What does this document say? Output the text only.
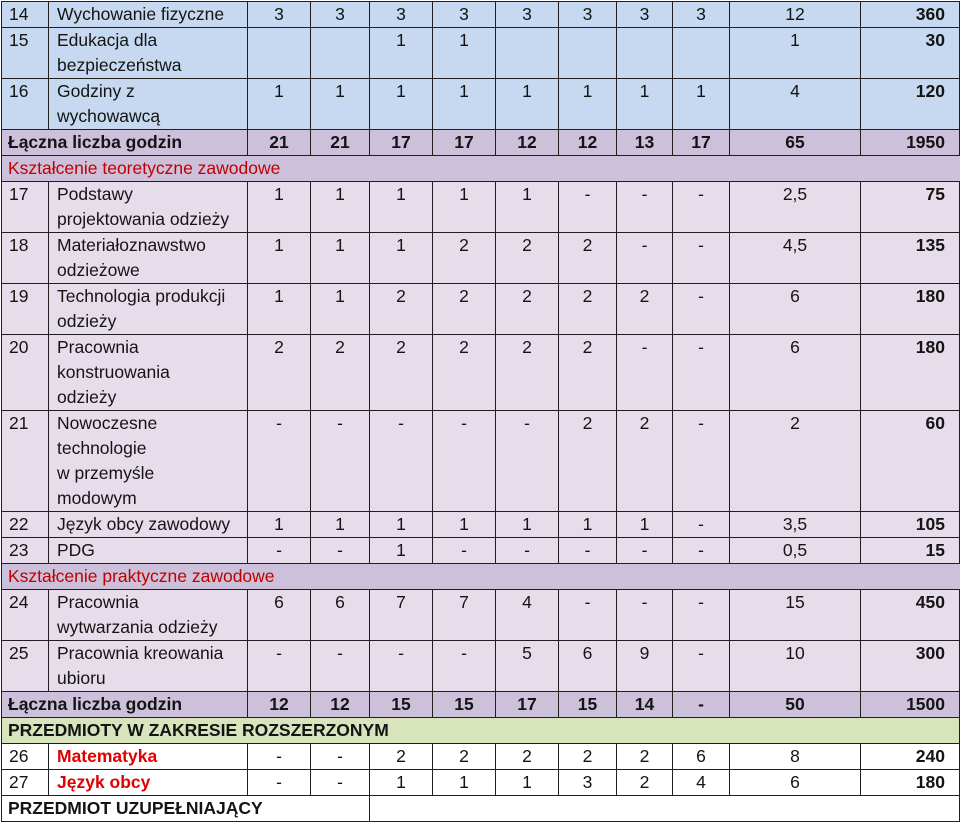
14	Wychowanie fizyczne	3	3	3	3	3	3	3	3	12	360
15	Edukacja dla
bezpieczeństwa			1	1					1	30
16	Godziny z
wychowawcą	1	1	1	1	1	1	1	1	4	120
Łączna liczba godzin		21	21	17	17	12	12	13	17	65	1950
Kształcenie teoretyczne zawodowe											
17	Podstawy
projektowania odzieży	1	1	1	1	1	-	-	-	2,5	75
18	Materiałoznawstwo
odzieżowe	1	1	1	2	2	2	-	-	4,5	135
19	Technologia produkcji
odzieży	1	1	2	2	2	2	2	-	6	180
20	Pracownia
konstruowania
odzieży	2	2	2	2	2	2	-	-	6	180
21	Nowoczesne
technologie
w przemyśle
modowym	-	-	-	-	-	2	2	-	2	60
22	Język obcy zawodowy	1	1	1	1	1	1	1	-	3,5	105
23	PDG	-	-	1	-	-	-	-	-	0,5	15
Kształcenie praktyczne zawodowe											
24	Pracownia
wytwarzania odzieży	6	6	7	7	4	-	-	-	15	450
25	Pracownia kreowania
ubioru	-	-	-	-	5	6	9	-	10	300
Łączna liczba godzin		12	12	15	15	17	15	14	-	50	1500
PRZEDMIOTY W ZAKRESIE ROZSZERZONYM											
26	Matematyka	-	-	2	2	2	2	2	6	8	240
27	Język obcy	-	-	1	1	1	3	2	4	6	180
PRZEDMIOT UZUPEŁNIAJĄCY											
